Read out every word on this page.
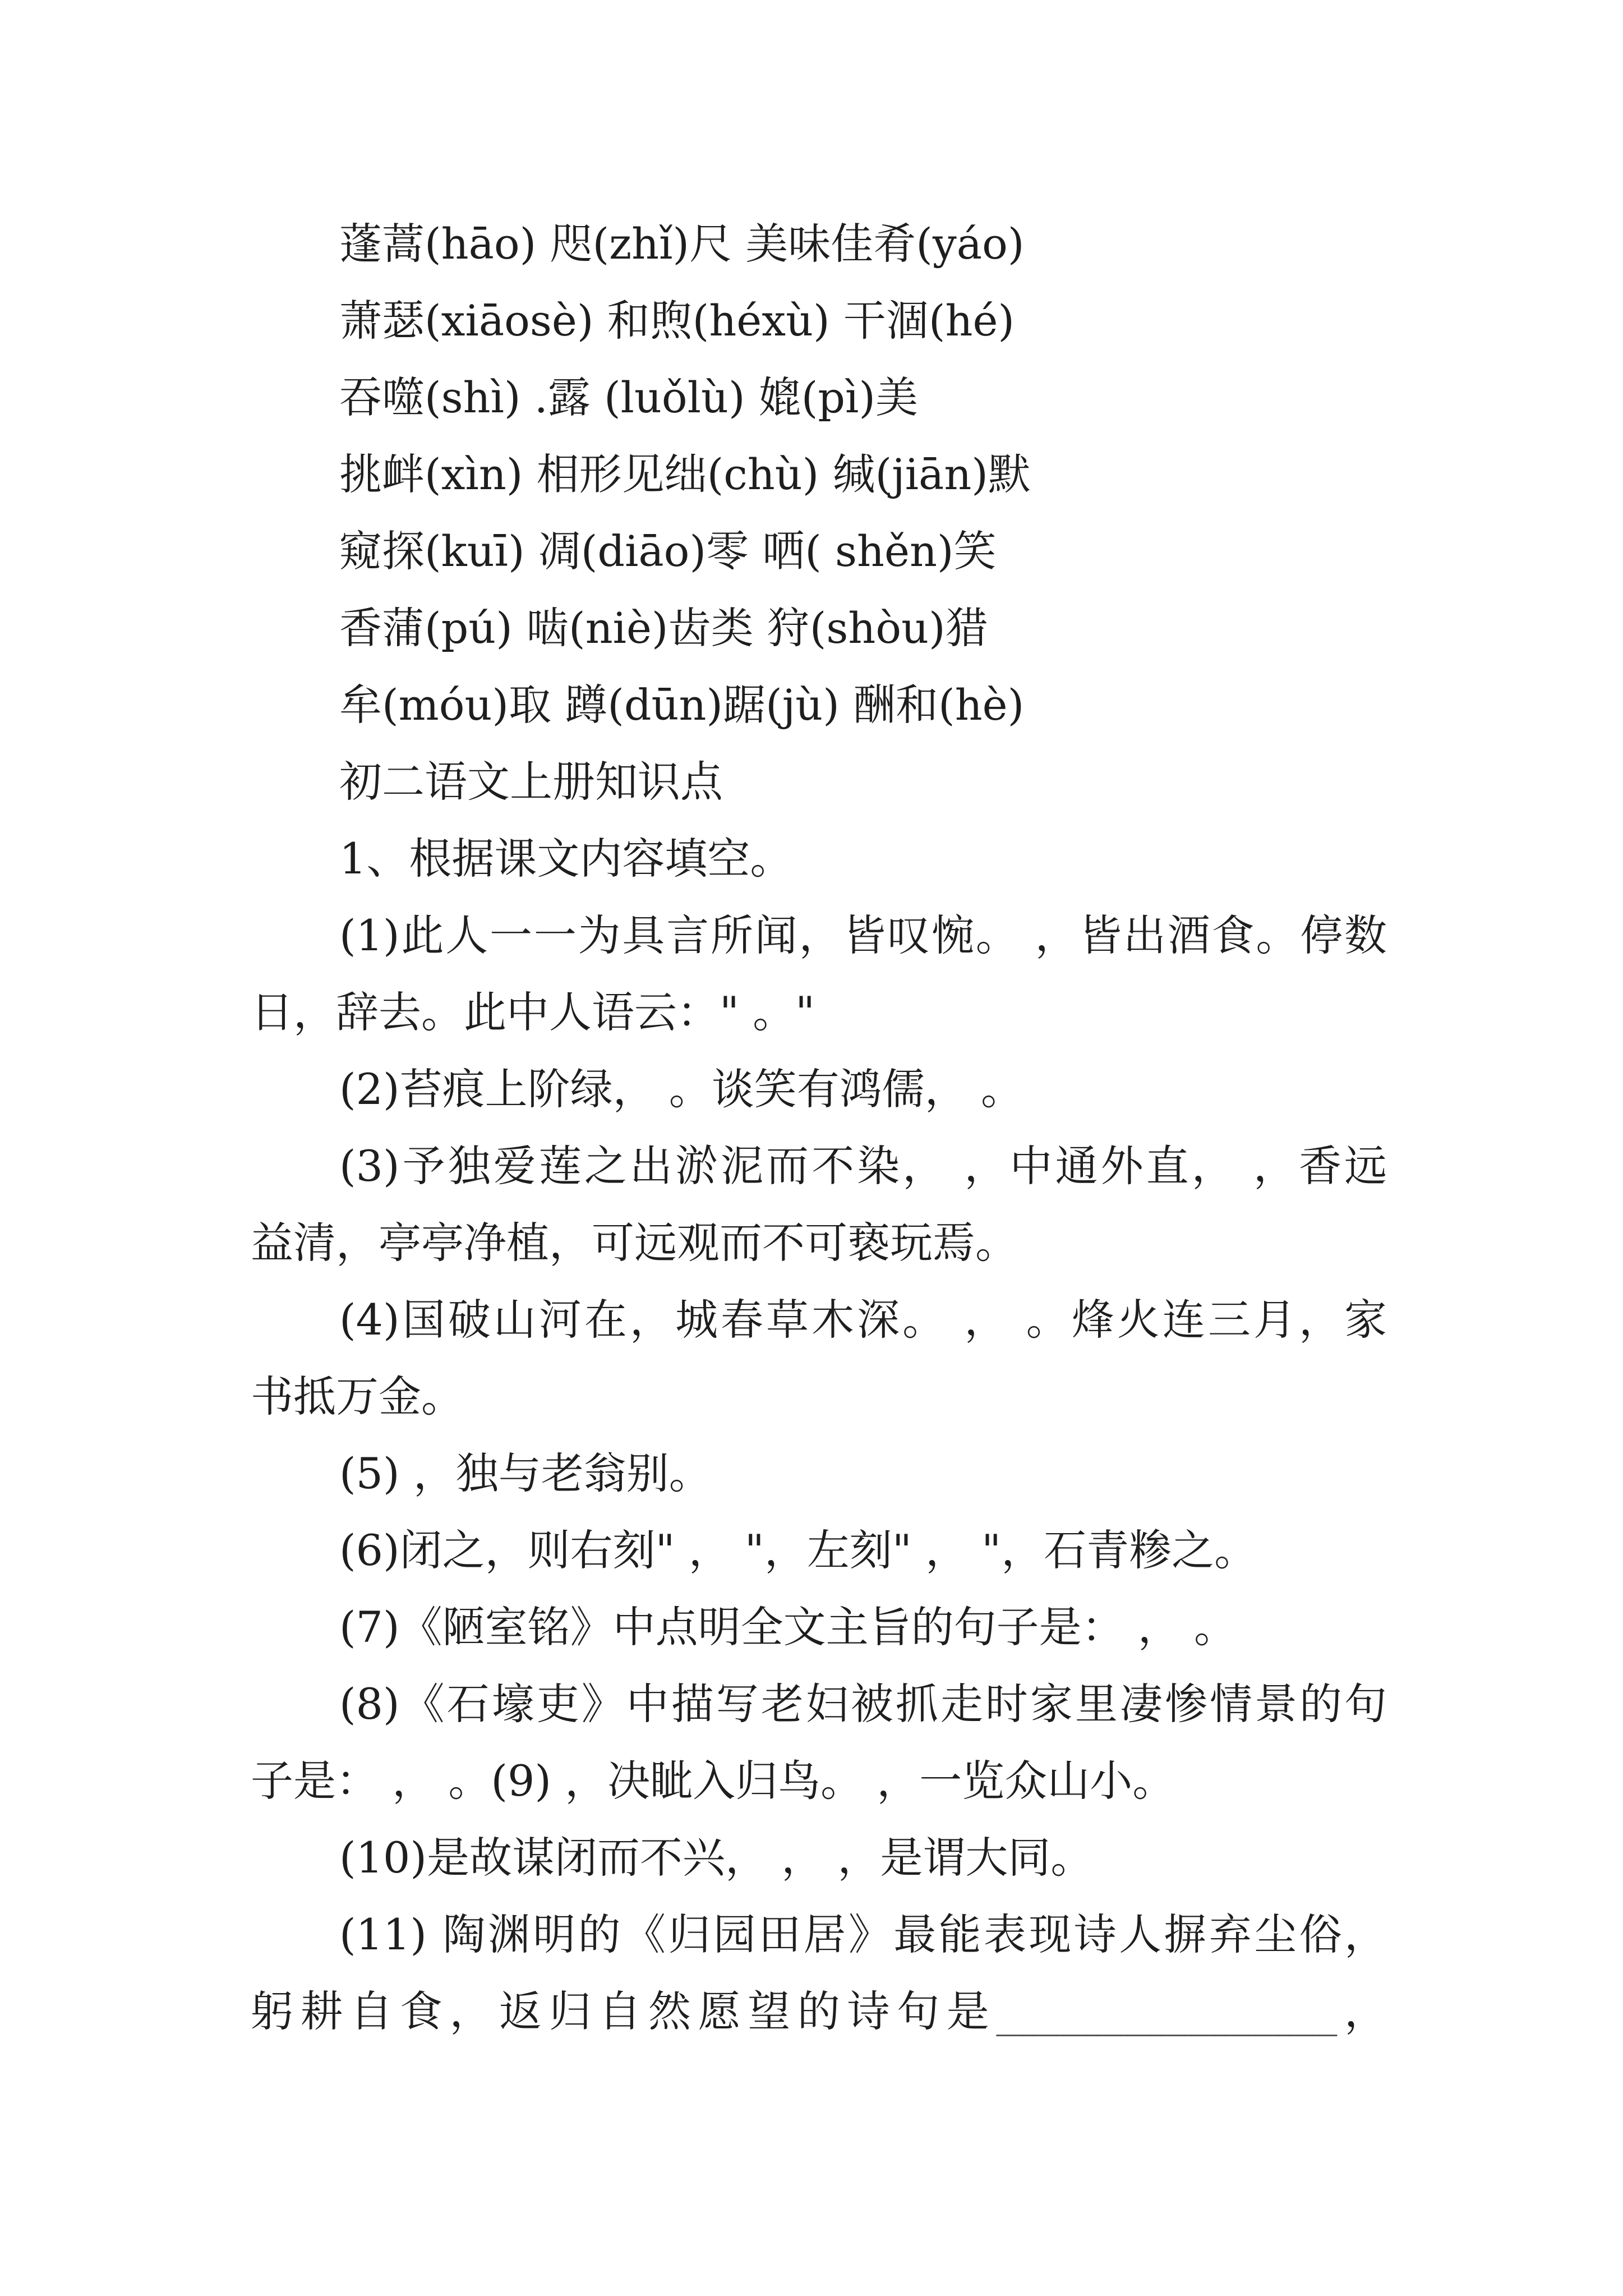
蓬蒿(hāo) 咫(zhǐ)尺 美味佳肴(yáo)
萧瑟(xiāosè) 和煦(héxù) 干涸(hé)
吞噬(shì) .露 (luǒlù) 媲(pì)美
挑衅(xìn) 相形见绌(chù) 缄(jiān)默
窥探(kuī) 凋(diāo)零 哂( shěn)笑
香蒲(pú) 啮(niè)齿类 狩(shòu)猎
牟(móu)取 蹲(dūn)踞(jù) 酬和(hè)
初二语文上册知识点
1、根据课文内容填空。
(1)此人一一为具言所闻，皆叹惋。 ，皆出酒食。停数
日，辞去。此中人语云：" 。"
(2)苔痕上阶绿， 。谈笑有鸿儒， 。
(3)予独爱莲之出淤泥而不染， ，中通外直， ，香远
益清，亭亭净植，可远观而不可亵玩焉。
(4)国破山河在，城春草木深。 ， 。烽火连三月，家
书抵万金。
(5) ，独与老翁别。
(6)闭之，则右刻" ， "，左刻" ， "，石青糁之。
(7)《陋室铭》中点明全文主旨的句子是： ， 。
(8)《石壕吏》中描写老妇被抓走时家里凄惨情景的句
子是： ， 。(9) ，决眦入归鸟。 ，一览众山小。
(10)是故谋闭而不兴， ， ，是谓大同。
(11) 陶渊明的《归园田居》最能表现诗人摒弃尘俗，
躬耕自食，返归自然愿望的诗句是________________，
